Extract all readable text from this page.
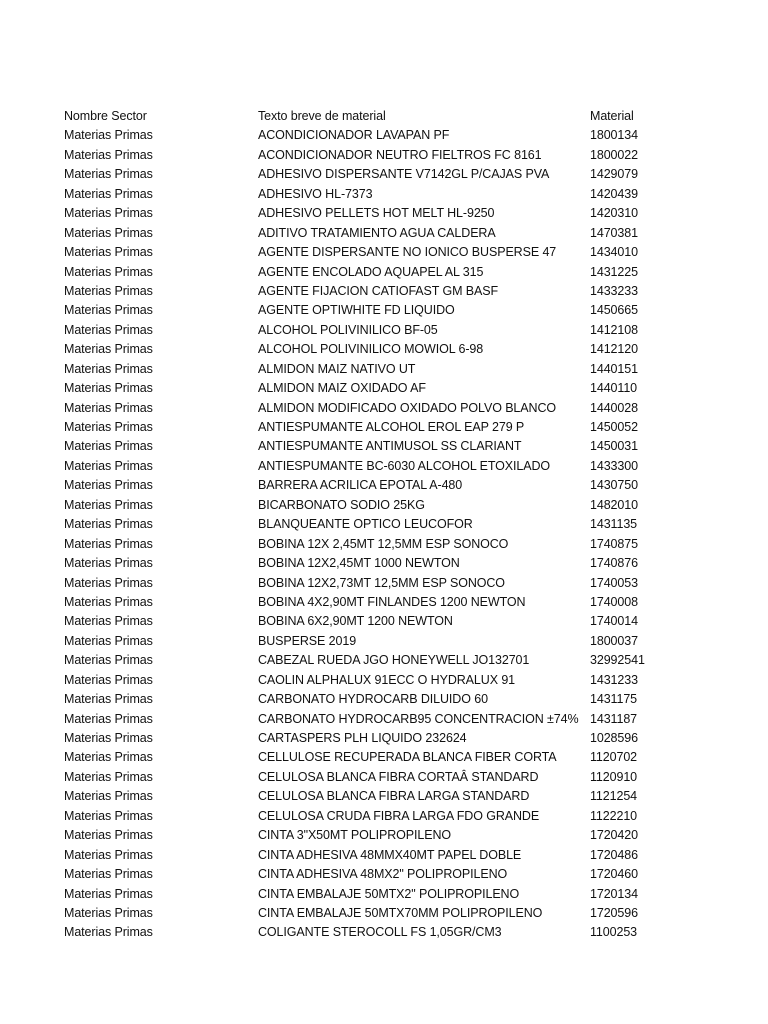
Nombre Sector	Texto breve de material	Material
Materias Primas	ACONDICIONADOR LAVAPAN PF	1800134
Materias Primas	ACONDICIONADOR NEUTRO FIELTROS FC 8161	1800022
Materias Primas	ADHESIVO DISPERSANTE V7142GL P/CAJAS PVA	1429079
Materias Primas	ADHESIVO HL-7373	1420439
Materias Primas	ADHESIVO PELLETS HOT MELT HL-9250	1420310
Materias Primas	ADITIVO TRATAMIENTO AGUA CALDERA	1470381
Materias Primas	AGENTE DISPERSANTE NO IONICO BUSPERSE 47	1434010
Materias Primas	AGENTE ENCOLADO AQUAPEL AL 315	1431225
Materias Primas	AGENTE FIJACION CATIOFAST GM BASF	1433233
Materias Primas	AGENTE OPTIWHITE FD LIQUIDO	1450665
Materias Primas	ALCOHOL POLIVINILICO BF-05	1412108
Materias Primas	ALCOHOL POLIVINILICO MOWIOL 6-98	1412120
Materias Primas	ALMIDON MAIZ NATIVO UT	1440151
Materias Primas	ALMIDON MAIZ OXIDADO AF	1440110
Materias Primas	ALMIDON MODIFICADO OXIDADO POLVO BLANCO	1440028
Materias Primas	ANTIESPUMANTE ALCOHOL EROL EAP 279 P	1450052
Materias Primas	ANTIESPUMANTE ANTIMUSOL SS CLARIANT	1450031
Materias Primas	ANTIESPUMANTE BC-6030 ALCOHOL ETOXILADO	1433300
Materias Primas	BARRERA ACRILICA EPOTAL A-480	1430750
Materias Primas	BICARBONATO SODIO 25KG	1482010
Materias Primas	BLANQUEANTE OPTICO LEUCOFOR	1431135
Materias Primas	BOBINA 12X 2,45MT 12,5MM ESP SONOCO	1740875
Materias Primas	BOBINA 12X2,45MT 1000 NEWTON	1740876
Materias Primas	BOBINA 12X2,73MT 12,5MM ESP SONOCO	1740053
Materias Primas	BOBINA 4X2,90MT FINLANDES 1200 NEWTON	1740008
Materias Primas	BOBINA 6X2,90MT 1200 NEWTON	1740014
Materias Primas	BUSPERSE 2019	1800037
Materias Primas	CABEZAL RUEDA JGO HONEYWELL JO132701	32992541
Materias Primas	CAOLIN ALPHALUX 91ECC O HYDRALUX 91	1431233
Materias Primas	CARBONATO HYDROCARB DILUIDO 60	1431175
Materias Primas	CARBONATO HYDROCARB95 CONCENTRACION ±74% 1431187
Materias Primas	CARTASPERS PLH LIQUIDO 232624	1028596
Materias Primas	CELLULOSE RECUPERADA BLANCA FIBER CORTA	1120702
Materias Primas	CELULOSA BLANCA FIBRA CORTAÂ STANDARD	1120910
Materias Primas	CELULOSA BLANCA FIBRA LARGA STANDARD	1121254
Materias Primas	CELULOSA CRUDA FIBRA LARGA FDO GRANDE	1122210
Materias Primas	CINTA 3"X50MT POLIPROPILENO	1720420
Materias Primas	CINTA ADHESIVA 48MMX40MT PAPEL DOBLE	1720486
Materias Primas	CINTA ADHESIVA 48MX2" POLIPROPILENO	1720460
Materias Primas	CINTA EMBALAJE 50MTX2" POLIPROPILENO	1720134
Materias Primas	CINTA EMBALAJE 50MTX70MM POLIPROPILENO	1720596
Materias Primas	COLIGANTE STEROCOLL FS 1,05GR/CM3	1100253
